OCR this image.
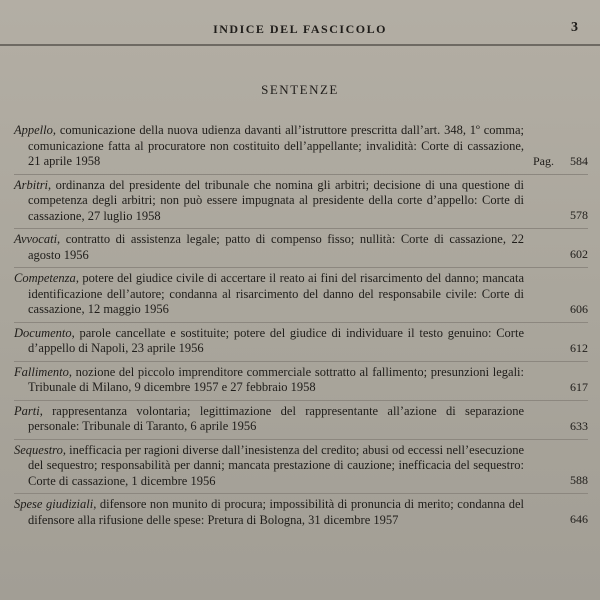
INDICE DEL FASCICOLO	3
SENTENZE
Appello, comunicazione della nuova udienza davanti all’istruttore prescritta dall’art. 348, 1º comma; comunicazione fatta al procuratore non costituito dell’appellante; invalidità: Corte di cassazione, 21 aprile 1958	Pag. 584
Arbitri, ordinanza del presidente del tribunale che nomina gli arbitri; decisione di una questione di competenza degli arbitri; non può essere impugnata al presidente della corte d’appello: Corte di cassazione, 27 luglio 1958	578
Avvocati, contratto di assistenza legale; patto di compenso fisso; nullità: Corte di cassazione, 22 agosto 1956	602
Competenza, potere del giudice civile di accertare il reato ai fini del risarcimento del danno; mancata identificazione dell’autore; condanna al risarcimento del danno del responsabile civile: Corte di cassazione, 12 maggio 1956	606
Documento, parole cancellate e sostituite; potere del giudice di individuare il testo genuino: Corte d’appello di Napoli, 23 aprile 1956	612
Fallimento, nozione del piccolo imprenditore commerciale sottratto al fallimento; presunzioni legali: Tribunale di Milano, 9 dicembre 1957 e 27 febbraio 1958	617
Parti, rappresentanza volontaria; legittimazione del rappresentante all’azione di separazione personale: Tribunale di Taranto, 6 aprile 1956	633
Sequestro, inefficacia per ragioni diverse dall’inesistenza del credito; abusi od eccessi nell’esecuzione del sequestro; responsabilità per danni; mancata prestazione di cauzione; inefficacia del sequestro: Corte di cassazione, 1 dicembre 1956	588
Spese giudiziali, difensore non munito di procura; impossibilità di pronuncia di merito; condanna del difensore alla rifusione delle spese: Pretura di Bologna, 31 dicembre 1957	646
